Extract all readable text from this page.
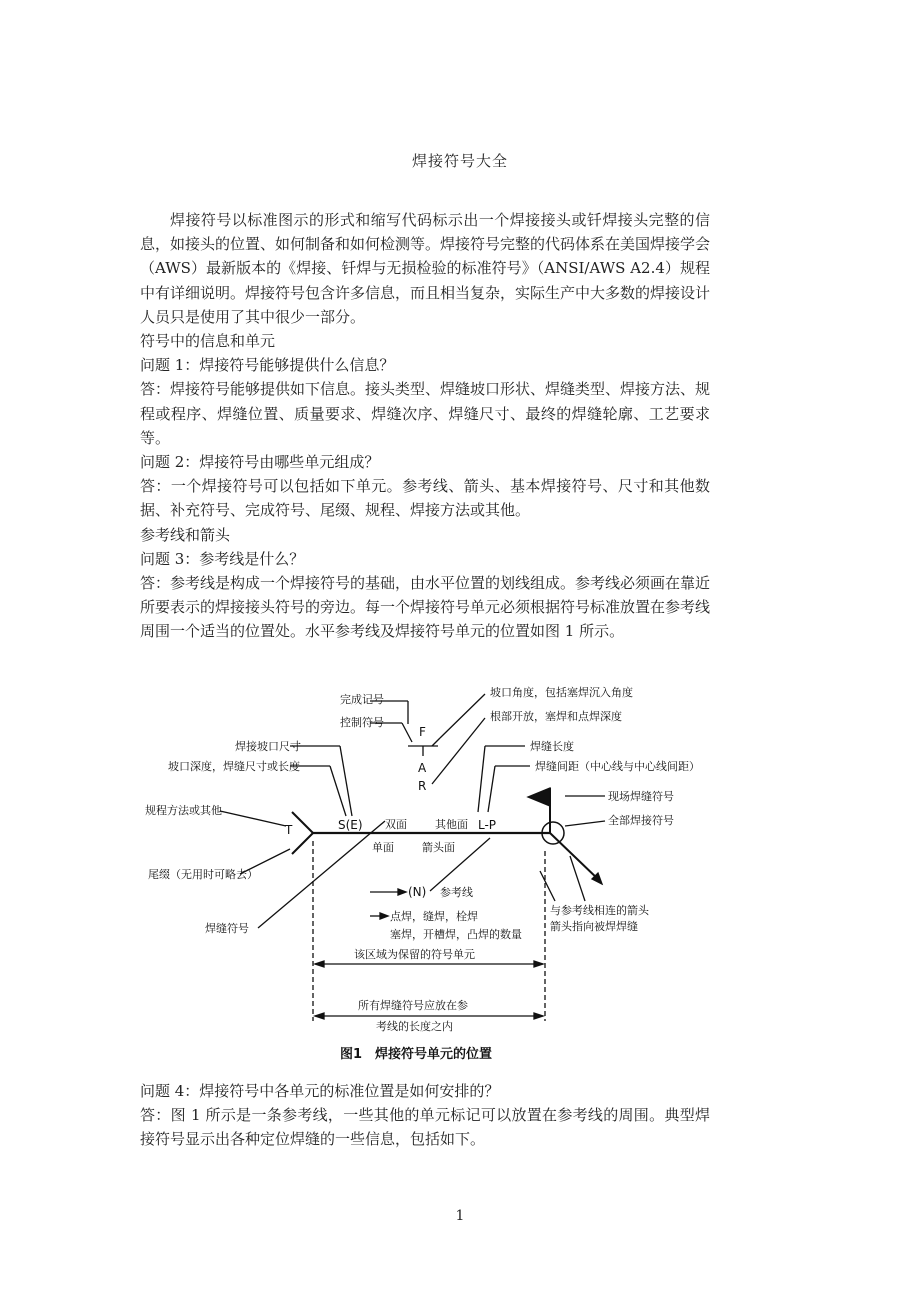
焊接符号大全

焊接符号以标准图示的形式和缩写代码标示出一个焊接接头或钎焊接头完整的信息，如接头的位置、如何制备和如何检测等。焊接符号完整的代码体系在美国焊接学会（AWS）最新版本的《焊接、钎焊与无损检验的标准符号》（ANSI/AWS A2.4）规程中有详细说明。焊接符号包含许多信息，而且相当复杂，实际生产中大多数的焊接设计人员只是使用了其中很少一部分。

符号中的信息和单元

问题 1：焊接符号能够提供什么信息？

答：焊接符号能够提供如下信息。接头类型、焊缝坡口形状、焊缝类型、焊接方法、规程或程序、焊缝位置、质量要求、焊缝次序、焊缝尺寸、最终的焊缝轮廓、工艺要求等。

问题 2：焊接符号由哪些单元组成？

答：一个焊接符号可以包括如下单元。参考线、箭头、基本焊接符号、尺寸和其他数据、补充符号、完成符号、尾缀、规程、焊接方法或其他。

参考线和箭头

问题 3：参考线是什么？

答：参考线是构成一个焊接符号的基础，由水平位置的划线组成。参考线必须画在靠近所要表示的焊接接头符号的旁边。每一个焊接符号单元必须根据符号标准放置在参考线周围一个适当的位置处。水平参考线及焊接符号单元的位置如图 1 所示。

完成记号
控制符号
坡口角度，包括塞焊沉入角度
根部开放，塞焊和点焊深度
焊接坡口尺寸
坡口深度，焊缝尺寸或长度
焊缝长度
焊缝间距（中心线与中心线间距）
现场焊缝符号
全部焊接符号
规程方法或其他
尾缀（无用时可略去）
焊缝符号
与参考线相连的箭头
箭头指向被焊焊缝
F
A
R
S(E)
T	L-P
双面	其他面
单面	箭头面
(N) 参考线
点焊，缝焊，栓焊
塞焊，开槽焊，凸焊的数量
该区域为保留的符号单元
所有焊缝符号应放在参
考线的长度之内
图1　焊接符号单元的位置

问题 4：焊接符号中各单元的标准位置是如何安排的？

答：图 1 所示是一条参考线，一些其他的单元标记可以放置在参考线的周围。典型焊接符号显示出各种定位焊缝的一些信息，包括如下。

1
